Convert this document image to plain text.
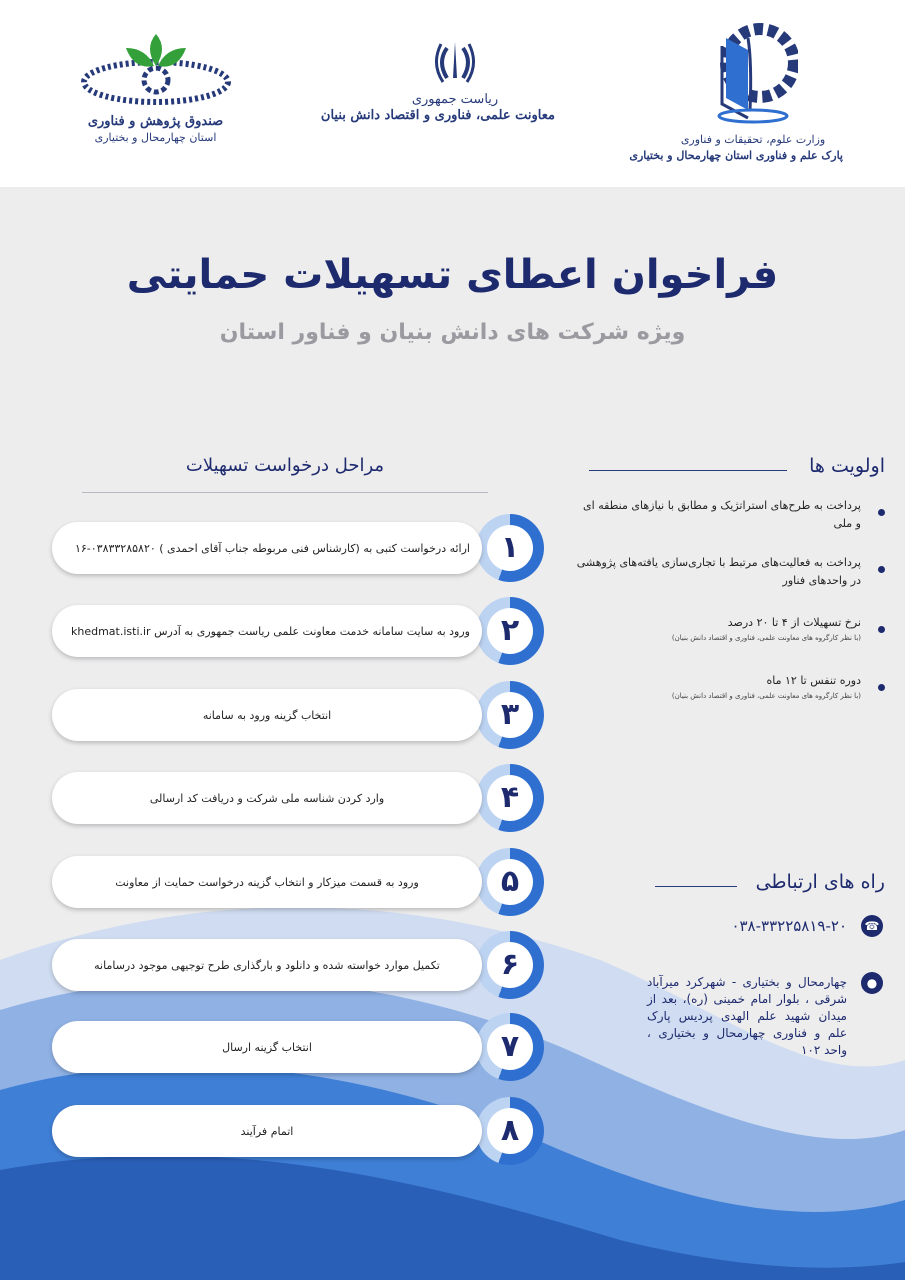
وزارت علوم، تحقیقات و فناوری
پارک علم و فناوری استان چهارمحال و بختیاری
ریاست جمهوری
معاونت علمی، فناوری و اقتصاد دانش بنیان
صندوق پژوهش و فناوری
استان چهارمحال و بختیاری
فراخوان اعطای تسهیلات حمایتی
ویژه شرکت های دانش بنیان و فناور استان
اولویت ها
پرداخت به طرح‌های استراتژیک و مطابق با نیازهای منطقه ای و ملی
پرداخت به فعالیت‌های مرتبط با تجاری‌سازی یافته‌های پژوهشی در واحدهای فناور
نرخ تسهیلات از ۴ تا ۲۰ درصد
(با نظر کارگروه های معاونت علمی، فناوری و اقتصاد دانش بنیان)
دوره تنفس تا ۱۲ ماه
(با نظر کارگروه های معاونت علمی، فناوری و اقتصاد دانش بنیان)
مراحل درخواست تسهیلات
۱
ارائه درخواست کتبی به (کارشناس فنی مربوطه جناب آقای احمدی ) ۰۳۸۳۳۲۸۵۸۲۰-۱۶
۲
ورود به سایت سامانه خدمت معاونت علمی ریاست جمهوری به آدرس khedmat.isti.ir
۳
انتخاب گزینه ورود به سامانه
۴
وارد کردن شناسه ملی شرکت و دریافت کد ارسالی
۵
ورود به قسمت میزکار و انتخاب گزینه درخواست حمایت از معاونت
۶
تکمیل موارد خواسته شده و دانلود و بارگذاری طرح توجیهی موجود درسامانه
۷
انتخاب گزینه ارسال
۸
اتمام فرآیند
راه های ارتباطی
☎
۰۳۸-۳۳۲۲۵۸۱۹-۲۰
●
چهارمحال و بختیاری - شهرکرد میرآباد شرقی ، بلوار امام خمینی (ره)، بعد از میدان شهید علم الهدی پردیس پارک علم و فناوری چهارمحال و بختیاری ، واحد ۱۰۲
